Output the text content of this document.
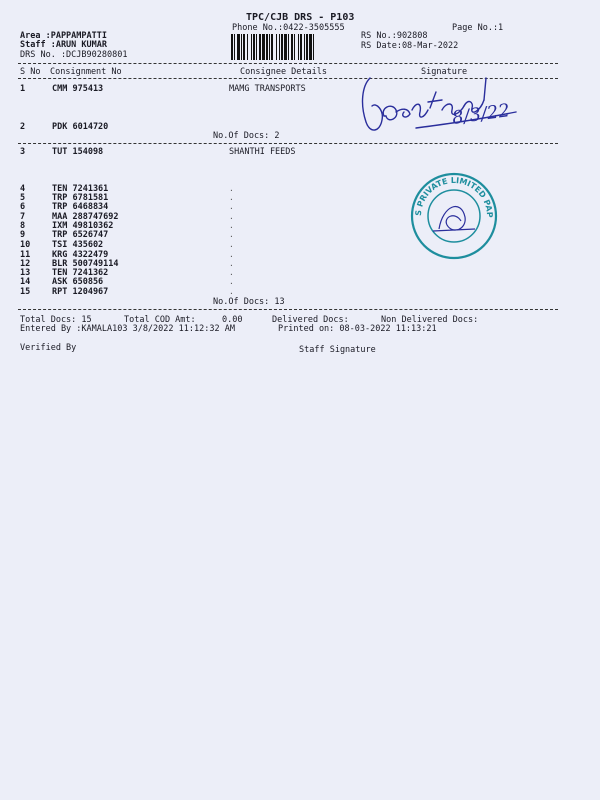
TPC/CJB DRS - P103
Phone No.:0422-3505555	Page No.:1
Area :PAPPAMPATTI
Staff :ARUN KUMAR
DRS No. :DCJB90280801
RS No.:902808
RS Date:08-Mar-2022
S No Consignment No	Consignee Details	Signature
1	CMM 975413	MAMG TRANSPORTS
2	PDK 6014720
No.Of Docs: 2
8/3/22
3	TUT 154098	SHANTHI FEEDS
4	TEN 7241361	.
5	TRP 6781581	.
6	TRP 6468834	.
7	MAA 288747692	.
8	IXM 49810362	.
9	TRP 6526747	.
10	TSI 435602	.
11	KRG 4322479	.
12	BLR 500749114	.
13	TEN 7241362	.
14	ASK 650856	.
15	RPT 1204967	.
No.Of Docs: 13
S PRIVATE LIMITED PAP
Total Docs: 15	Total COD Amt:	0.00	Delivered Docs:	Non Delivered Docs:
Entered By :KAMALA103 3/8/2022 11:12:32 AM	Printed on: 08-03-2022 11:13:21
Verified By	Staff Signature
